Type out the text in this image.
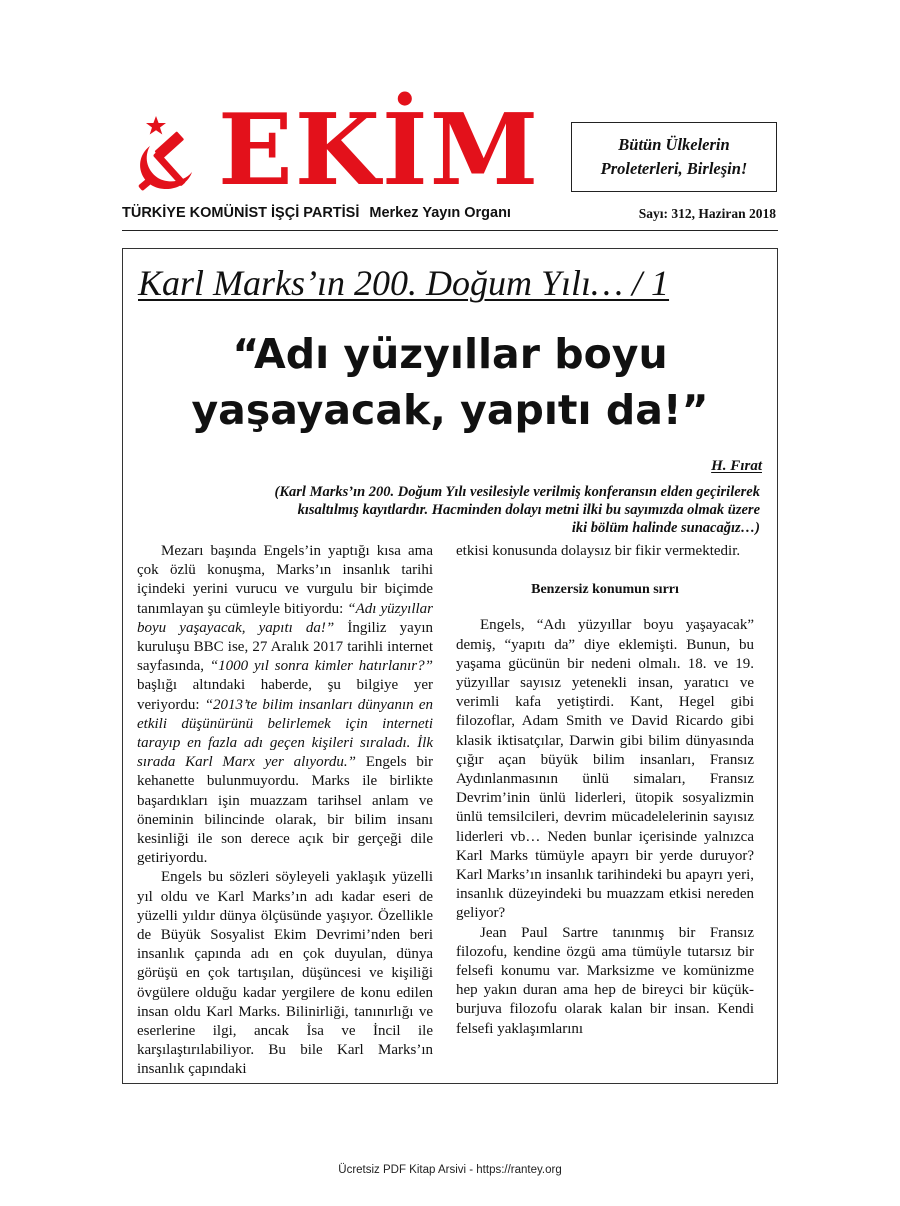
EKİM	Bütün Ülkelerin
Proleterleri, Birleşin!
TÜRKİYE KOMÜNİST İŞÇİ PARTİSİ Merkez Yayın Organı	Sayı: 312, Haziran 2018
Karl Marks’ın 200. Doğum Yılı… / 1
“Adı yüzyıllar boyu
yaşayacak, yapıtı da!”
H. Fırat
(Karl Marks’ın 200. Doğum Yılı vesilesiyle verilmiş konferansın elden geçirilerek
kısaltılmış kayıtlardır. Hacminden dolayı metni ilki bu sayımızda olmak üzere
iki bölüm halinde sunacağız…)

Mezarı başında Engels’in yaptığı kısa ama çok özlü konuşma, Marks’ın insanlık tarihi içindeki yerini vurucu ve vurgulu bir biçimde tanımlayan şu cümleyle bitiyordu: “Adı yüzyıllar boyu yaşayacak, yapıtı da!” İngiliz yayın kuruluşu BBC ise, 27 Aralık 2017 tarihli internet sayfasında, “1000 yıl sonra kimler hatırlanır?” başlığı altındaki haberde, şu bilgiye yer veriyordu: “2013’te bilim insanları dünyanın en etkili düşünürünü belirlemek için interneti tarayıp en fazla adı geçen kişileri sıraladı. İlk sırada Karl Marx yer alıyordu.” Engels bir kehanette bulunmuyordu. Marks ile birlikte başardıkları işin muazzam tarihsel anlam ve öneminin bilincinde olarak, bir bilim insanı kesinliği ile son derece açık bir gerçeği dile getiriyordu.

Engels bu sözleri söyleyeli yaklaşık yüzelli yıl oldu ve Karl Marks’ın adı kadar eseri de yüzelli yıldır dünya ölçüsünde yaşıyor. Özellikle de Büyük Sosyalist Ekim Devrimi’nden beri insanlık çapında adı en çok duyulan, dünya görüşü en çok tartışılan, düşüncesi ve kişiliği övgülere olduğu kadar yergilere de konu edilen insan oldu Karl Marks. Bilinirliği, tanınırlığı ve eserlerine ilgi, ancak İsa ve İncil ile karşılaştırılabiliyor. Bu bile Karl Marks’ın insanlık çapındaki

etkisi konusunda dolaysız bir fikir vermektedir.

Benzersiz konumun sırrı

Engels, “Adı yüzyıllar boyu yaşayacak” demiş, “yapıtı da” diye eklemişti. Bunun, bu yaşama gücünün bir nedeni olmalı. 18. ve 19. yüzyıllar sayısız yetenekli insan, yaratıcı ve verimli kafa yetiştirdi. Kant, Hegel gibi filozoflar, Adam Smith ve David Ricardo gibi klasik iktisatçılar, Darwin gibi bilim dünyasında çığır açan büyük bilim insanları, Fransız Aydınlanmasının ünlü simaları, Fransız Devrim’inin ünlü liderleri, ütopik sosyalizmin ünlü temsilcileri, devrim mücadelelerinin sayısız liderleri vb… Neden bunlar içerisinde yalnızca Karl Marks tümüyle apayrı bir yerde duruyor? Karl Marks’ın insanlık tarihindeki bu apayrı yeri, insanlık düzeyindeki bu muazzam etkisi nereden geliyor?

Jean Paul Sartre tanınmış bir Fransız filozofu, kendine özgü ama tümüyle tutarsız bir felsefi konumu var. Marksizme ve komünizme hep yakın duran ama hep de bireyci bir küçük-burjuva filozofu olarak kalan bir insan. Kendi felsefi yaklaşımlarını

Ücretsiz PDF Kitap Arsivi - https://rantey.org
